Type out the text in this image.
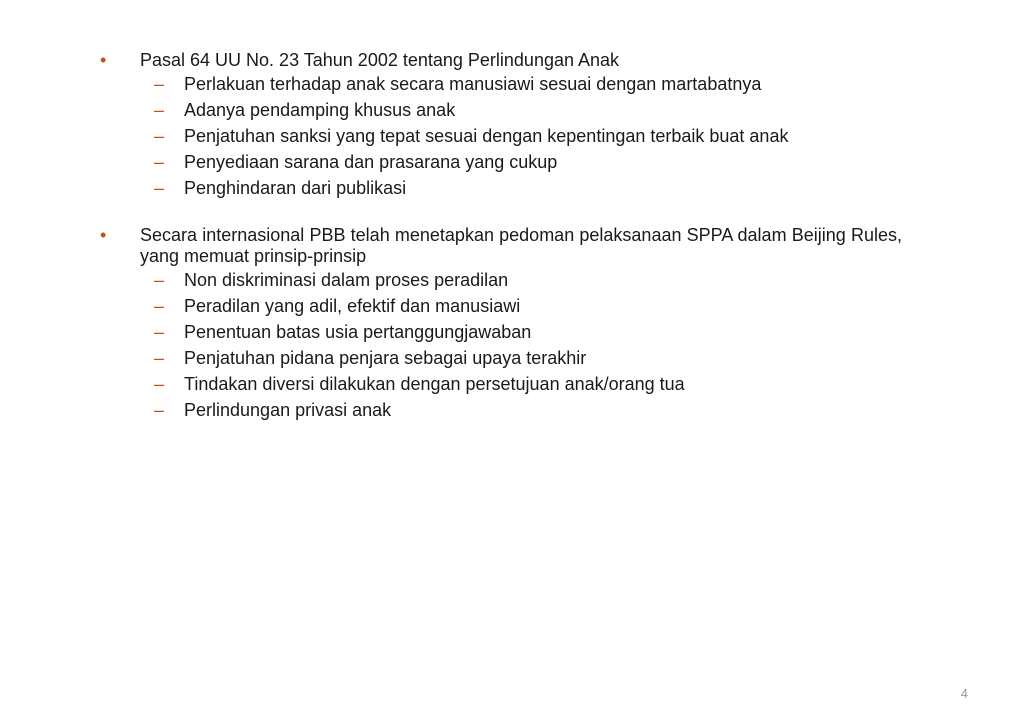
• Pasal 64 UU No. 23 Tahun 2002 tentang Perlindungan Anak
– Perlakuan terhadap anak secara manusiawi sesuai dengan martabatnya
– Adanya pendamping khusus anak
– Penjatuhan sanksi yang tepat sesuai dengan kepentingan terbaik buat anak
– Penyediaan sarana dan prasarana yang cukup
– Penghindaran dari publikasi
• Secara internasional PBB telah menetapkan pedoman pelaksanaan SPPA dalam Beijing Rules, yang memuat prinsip-prinsip
– Non diskriminasi dalam proses peradilan
– Peradilan yang adil, efektif dan manusiawi
– Penentuan batas usia pertanggungjawaban
– Penjatuhan pidana penjara sebagai upaya terakhir
– Tindakan diversi dilakukan dengan persetujuan anak/orang tua
– Perlindungan privasi anak
4
